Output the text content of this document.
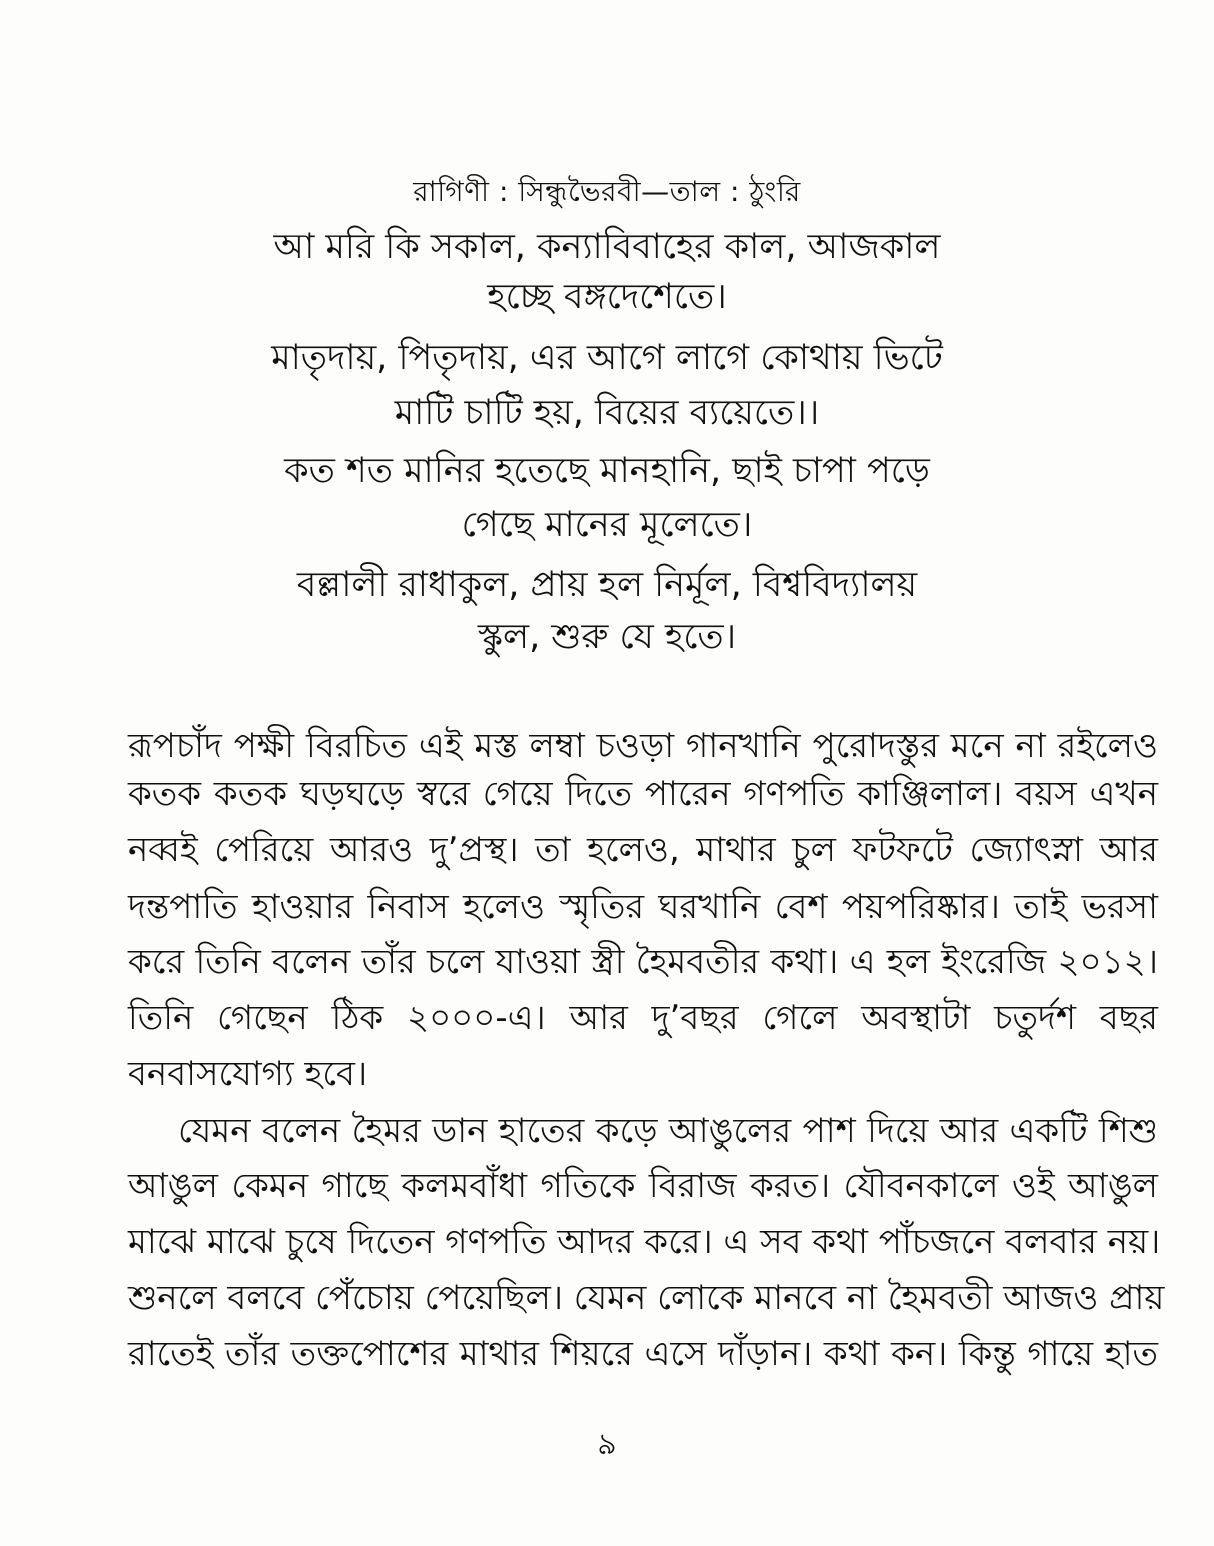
রাগিণী : সিন্ধুভৈরবী—তাল : ঠুংরি
আ মরি কি সকাল, কন্যাবিবাহের কাল, আজকাল
হচ্ছে বঙ্গদেশেতে।
মাতৃদায়, পিতৃদায়, এর আগে লাগে কোথায় ভিটে
মাটি চাটি হয়, বিয়ের ব্যয়েতে।।
কত শত মানির হতেছে মানহানি, ছাই চাপা পড়ে
গেছে মানের মূলেতে।
বল্লালী রাধাকুল, প্রায় হল নির্মূল, বিশ্ববিদ্যালয়
স্কুল, শুরু যে হতে।
রূপচাঁদ পক্ষী বিরচিত এই মস্ত লম্বা চওড়া গানখানি পুরোদস্তুর মনে না রইলেও
কতক কতক ঘড়ঘড়ে স্বরে গেয়ে দিতে পারেন গণপতি কাঞ্জিলাল। বয়স এখন
নব্বই পেরিয়ে আরও দু’প্রস্থ। তা হলেও, মাথার চুল ফটফটে জ্যোৎস্না আর
দন্তপাতি হাওয়ার নিবাস হলেও স্মৃতির ঘরখানি বেশ পয়পরিষ্কার। তাই ভরসা
করে তিনি বলেন তাঁর চলে যাওয়া স্ত্রী হৈমবতীর কথা। এ হল ইংরেজি ২০১২।
তিনি গেছেন ঠিক ২০০০-এ। আর দু’বছর গেলে অবস্থাটা চতুর্দশ বছর
বনবাসযোগ্য হবে।
যেমন বলেন হৈমর ডান হাতের কড়ে আঙুলের পাশ দিয়ে আর একটি শিশু
আঙুল কেমন গাছে কলমবাঁধা গতিকে বিরাজ করত। যৌবনকালে ওই আঙুল
মাঝে মাঝে চুষে দিতেন গণপতি আদর করে। এ সব কথা পাঁচজনে বলবার নয়।
শুনলে বলবে পেঁচোয় পেয়েছিল। যেমন লোকে মানবে না হৈমবতী আজও প্রায়
রাতেই তাঁর তক্তপোশের মাথার শিয়রে এসে দাঁড়ান। কথা কন। কিন্তু গায়ে হাত
৯
